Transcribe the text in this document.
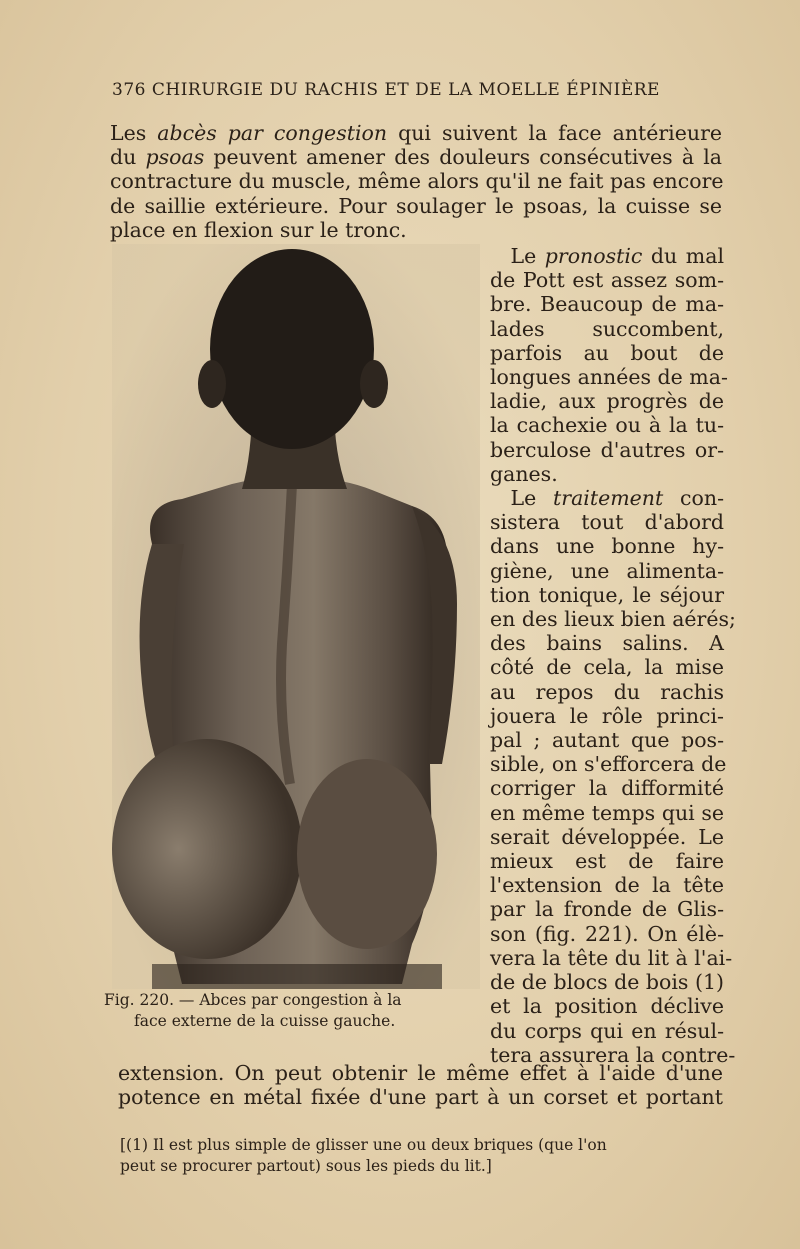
376 CHIRURGIE DU RACHIS ET DE LA MOELLE ÉPINIÈRE
Les abcès par congestion qui suivent la face antérieure
du psoas peuvent amener des douleurs consécutives à la
contracture du muscle, même alors qu'il ne fait pas encore
de saillie extérieure. Pour soulager le psoas, la cuisse se
place en flexion sur le tronc.
Fig. 220. — Abces par congestion à la
face externe de la cuisse gauche.
 Le pronostic du mal
de Pott est assez som-
bre. Beaucoup de ma-
lades succombent,
parfois au bout de
longues années de ma-
ladie, aux progrès de
la cachexie ou à la tu-
berculose d'autres or-
ganes.
 Le traitement con-
sistera tout d'abord
dans une bonne hy-
giène, une alimenta-
tion tonique, le séjour
en des lieux bien aérés;
des bains salins. A
côté de cela, la mise
au repos du rachis
jouera le rôle princi-
pal ; autant que pos-
sible, on s'efforcera de
corriger la difformité
en même temps qui se
serait développée. Le
mieux est de faire
l'extension de la tête
par la fronde de Glis-
son (fig. 221). On élè-
vera la tête du lit à l'ai-
de de blocs de bois (1)
et la position déclive
du corps qui en résul-
tera assurera la contre-
extension. On peut obtenir le même effet à l'aide d'une
potence en métal fixée d'une part à un corset et portant
[(1) Il est plus simple de glisser une ou deux briques (que l'on
peut se procurer partout) sous les pieds du lit.]
